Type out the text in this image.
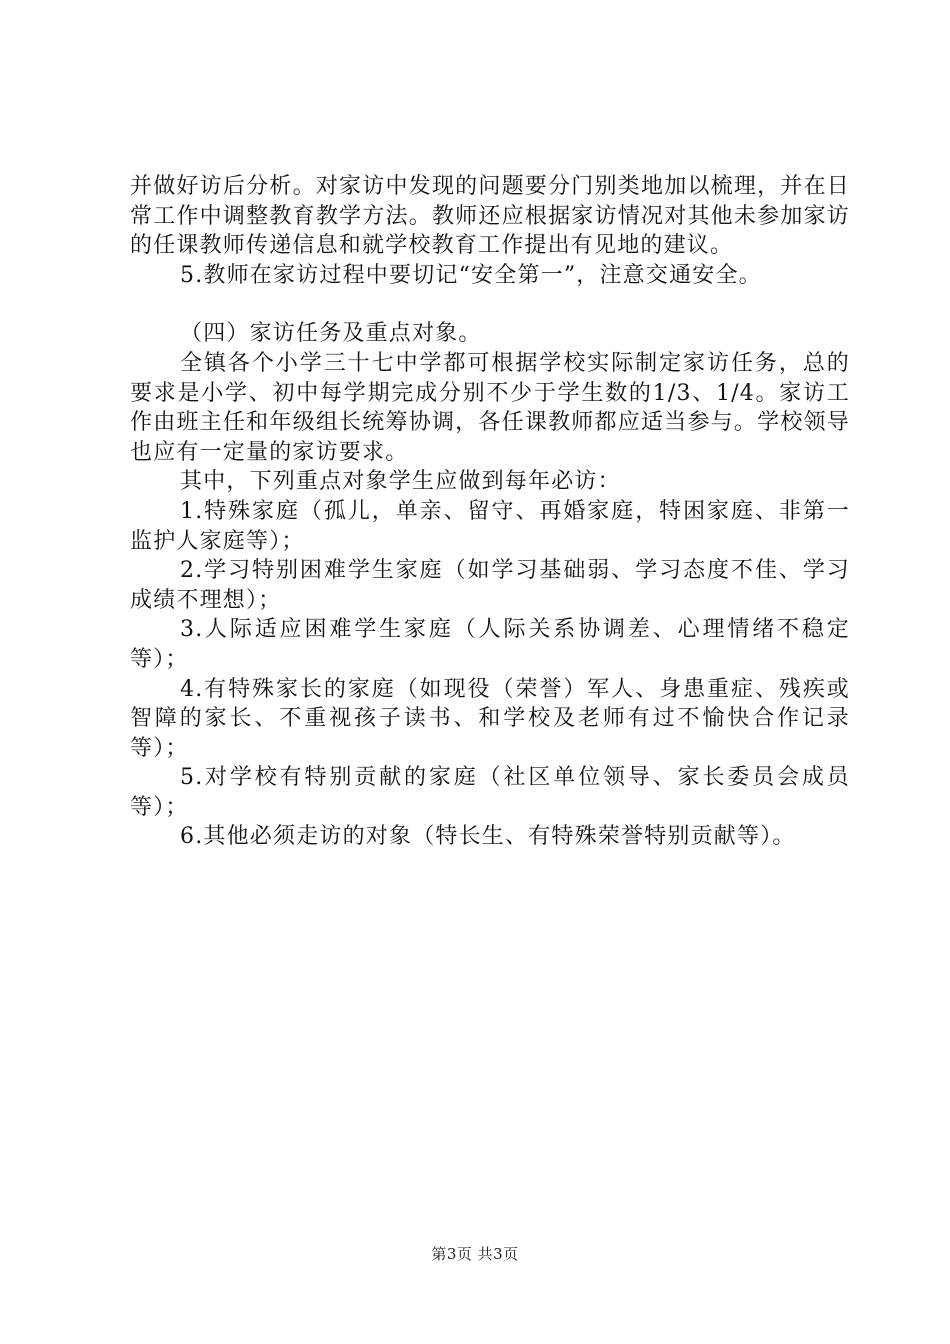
并做好访后分析。对家访中发现的问题要分门别类地加以梳理，并在日常工作中调整教育教学方法。教师还应根据家访情况对其他未参加家访的任课教师传递信息和就学校教育工作提出有见地的建议。

5.教师在家访过程中要切记“安全第一”，注意交通安全。

（四）家访任务及重点对象。

全镇各个小学三十七中学都可根据学校实际制定家访任务，总的要求是小学、初中每学期完成分别不少于学生数的1/3、1/4。家访工作由班主任和年级组长统筹协调，各任课教师都应适当参与。学校领导也应有一定量的家访要求。

其中，下列重点对象学生应做到每年必访：

1.特殊家庭（孤儿，单亲、留守、再婚家庭，特困家庭、非第一监护人家庭等）；

2.学习特别困难学生家庭（如学习基础弱、学习态度不佳、学习成绩不理想）；

3.人际适应困难学生家庭（人际关系协调差、心理情绪不稳定等）；

4.有特殊家长的家庭（如现役（荣誉）军人、身患重症、残疾或智障的家长、不重视孩子读书、和学校及老师有过不愉快合作记录等）；

5.对学校有特别贡献的家庭（社区单位领导、家长委员会成员等）；

6.其他必须走访的对象（特长生、有特殊荣誉特别贡献等）。

第3页 共3页
